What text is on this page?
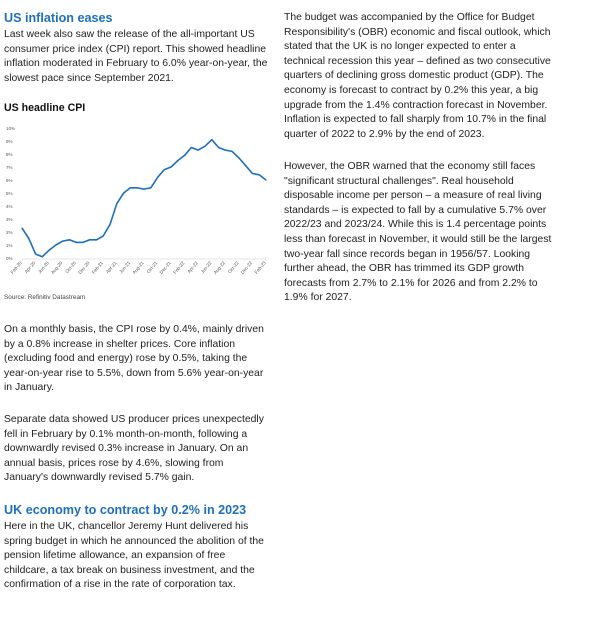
US inflation eases

Last week also saw the release of the all-important US consumer price index (CPI) report. This showed headline inflation moderated in February to 6.0% year-on-year, the slowest pace since September 2021.

US headline CPI
0%
1%
2%
3%
4%
5%
6%
7%
8%
9%
10%
Feb-20 Apr-20 Jun-20 Aug-20 Oct-20 Dec-20 Feb-21 Apr-21 Jun-21 Aug-21 Oct-21 Dec-21 Feb-22 Apr-22 Jun-22 Aug-22 Oct-22 Dec-22 Feb-23
Source: Refinitiv Datastream

On a monthly basis, the CPI rose by 0.4%, mainly driven by a 0.8% increase in shelter prices. Core inflation (excluding food and energy) rose by 0.5%, taking the year-on-year rise to 5.5%, down from 5.6% year-on-year in January.

Separate data showed US producer prices unexpectedly fell in February by 0.1% month-on-month, following a downwardly revised 0.3% increase in January. On an annual basis, prices rose by 4.6%, slowing from January's downwardly revised 5.7% gain.

UK economy to contract by 0.2% in 2023

Here in the UK, chancellor Jeremy Hunt delivered his spring budget in which he announced the abolition of the pension lifetime allowance, an expansion of free childcare, a tax break on business investment, and the confirmation of a rise in the rate of corporation tax.

The budget was accompanied by the Office for Budget Responsibility's (OBR) economic and fiscal outlook, which stated that the UK is no longer expected to enter a technical recession this year – defined as two consecutive quarters of declining gross domestic product (GDP). The economy is forecast to contract by 0.2% this year, a big upgrade from the 1.4% contraction forecast in November. Inflation is expected to fall sharply from 10.7% in the final quarter of 2022 to 2.9% by the end of 2023.

However, the OBR warned that the economy still faces "significant structural challenges". Real household disposable income per person – a measure of real living standards – is expected to fall by a cumulative 5.7% over 2022/23 and 2023/24. While this is 1.4 percentage points less than forecast in November, it would still be the largest two-year fall since records began in 1956/57. Looking further ahead, the OBR has trimmed its GDP growth forecasts from 2.7% to 2.1% for 2026 and from 2.2% to 1.9% for 2027.
